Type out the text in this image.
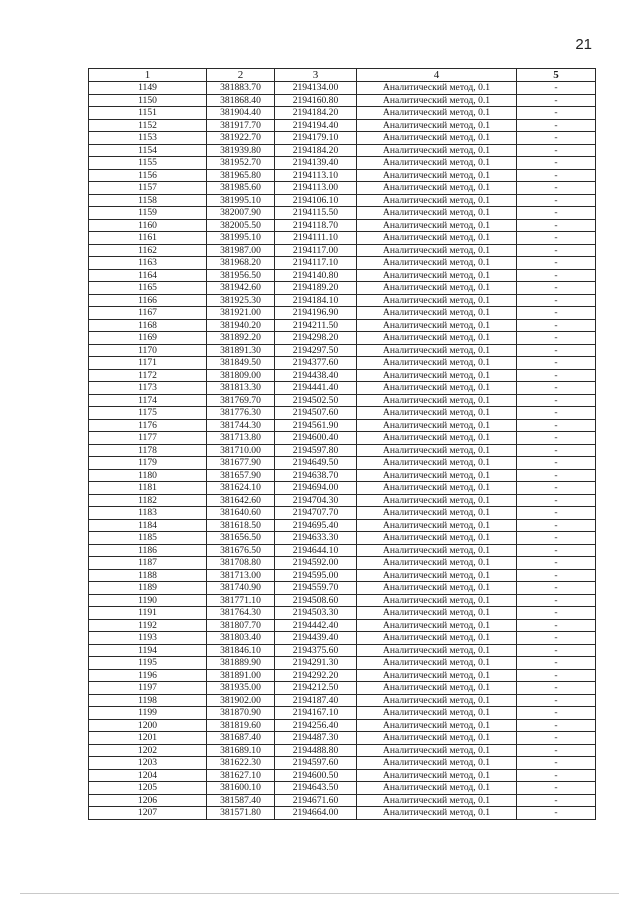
21
1	2	3	4	5
1149	381883.70	2194134.00	Аналитический метод, 0.1	-
1150	381868.40	2194160.80	Аналитический метод, 0.1	-
1151	381904.40	2194184.20	Аналитический метод, 0.1	-
1152	381917.70	2194194.40	Аналитический метод, 0.1	-
1153	381922.70	2194179.10	Аналитический метод, 0.1	-
1154	381939.80	2194184.20	Аналитический метод, 0.1	-
1155	381952.70	2194139.40	Аналитический метод, 0.1	-
1156	381965.80	2194113.10	Аналитический метод, 0.1	-
1157	381985.60	2194113.00	Аналитический метод, 0.1	-
1158	381995.10	2194106.10	Аналитический метод, 0.1	-
1159	382007.90	2194115.50	Аналитический метод, 0.1	-
1160	382005.50	2194118.70	Аналитический метод, 0.1	-
1161	381995.10	2194111.10	Аналитический метод, 0.1	-
1162	381987.00	2194117.00	Аналитический метод, 0.1	-
1163	381968.20	2194117.10	Аналитический метод, 0.1	-
1164	381956.50	2194140.80	Аналитический метод, 0.1	-
1165	381942.60	2194189.20	Аналитический метод, 0.1	-
1166	381925.30	2194184.10	Аналитический метод, 0.1	-
1167	381921.00	2194196.90	Аналитический метод, 0.1	-
1168	381940.20	2194211.50	Аналитический метод, 0.1	-
1169	381892.20	2194298.20	Аналитический метод, 0.1	-
1170	381891.30	2194297.50	Аналитический метод, 0.1	-
1171	381849.50	2194377.60	Аналитический метод, 0.1	-
1172	381809.00	2194438.40	Аналитический метод, 0.1	-
1173	381813.30	2194441.40	Аналитический метод, 0.1	-
1174	381769.70	2194502.50	Аналитический метод, 0.1	-
1175	381776.30	2194507.60	Аналитический метод, 0.1	-
1176	381744.30	2194561.90	Аналитический метод, 0.1	-
1177	381713.80	2194600.40	Аналитический метод, 0.1	-
1178	381710.00	2194597.80	Аналитический метод, 0.1	-
1179	381677.90	2194649.50	Аналитический метод, 0.1	-
1180	381657.90	2194638.70	Аналитический метод, 0.1	-
1181	381624.10	2194694.00	Аналитический метод, 0.1	-
1182	381642.60	2194704.30	Аналитический метод, 0.1	-
1183	381640.60	2194707.70	Аналитический метод, 0.1	-
1184	381618.50	2194695.40	Аналитический метод, 0.1	-
1185	381656.50	2194633.30	Аналитический метод, 0.1	-
1186	381676.50	2194644.10	Аналитический метод, 0.1	-
1187	381708.80	2194592.00	Аналитический метод, 0.1	-
1188	381713.00	2194595.00	Аналитический метод, 0.1	-
1189	381740.90	2194559.70	Аналитический метод, 0.1	-
1190	381771.10	2194508.60	Аналитический метод, 0.1	-
1191	381764.30	2194503.30	Аналитический метод, 0.1	-
1192	381807.70	2194442.40	Аналитический метод, 0.1	-
1193	381803.40	2194439.40	Аналитический метод, 0.1	-
1194	381846.10	2194375.60	Аналитический метод, 0.1	-
1195	381889.90	2194291.30	Аналитический метод, 0.1	-
1196	381891.00	2194292.20	Аналитический метод, 0.1	-
1197	381935.00	2194212.50	Аналитический метод, 0.1	-
1198	381902.00	2194187.40	Аналитический метод, 0.1	-
1199	381870.90	2194167.10	Аналитический метод, 0.1	-
1200	381819.60	2194256.40	Аналитический метод, 0.1	-
1201	381687.40	2194487.30	Аналитический метод, 0.1	-
1202	381689.10	2194488.80	Аналитический метод, 0.1	-
1203	381622.30	2194597.60	Аналитический метод, 0.1	-
1204	381627.10	2194600.50	Аналитический метод, 0.1	-
1205	381600.10	2194643.50	Аналитический метод, 0.1	-
1206	381587.40	2194671.60	Аналитический метод, 0.1	-
1207	381571.80	2194664.00	Аналитический метод, 0.1	-
